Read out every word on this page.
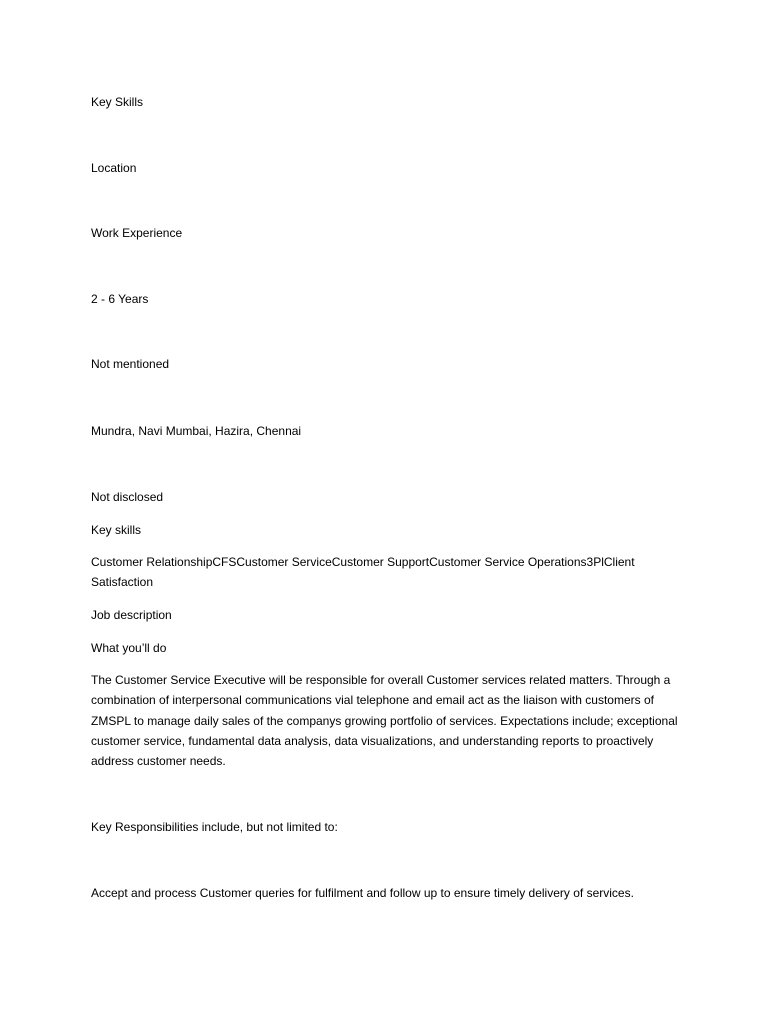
Key Skills
Location
Work Experience
2 - 6 Years
Not mentioned
Mundra, Navi Mumbai, Hazira, Chennai
Not disclosed
Key skills
Customer RelationshipCFSCustomer ServiceCustomer SupportCustomer Service Operations3PlClient Satisfaction
Job description
What you’ll do
The Customer Service Executive will be responsible for overall Customer services related matters. Through a combination of interpersonal communications vial telephone and email act as the liaison with customers of ZMSPL to manage daily sales of the companys growing portfolio of services. Expectations include; exceptional customer service, fundamental data analysis, data visualizations, and understanding reports to proactively address customer needs.
Key Responsibilities include, but not limited to:
Accept and process Customer queries for fulfilment and follow up to ensure timely delivery of services.
